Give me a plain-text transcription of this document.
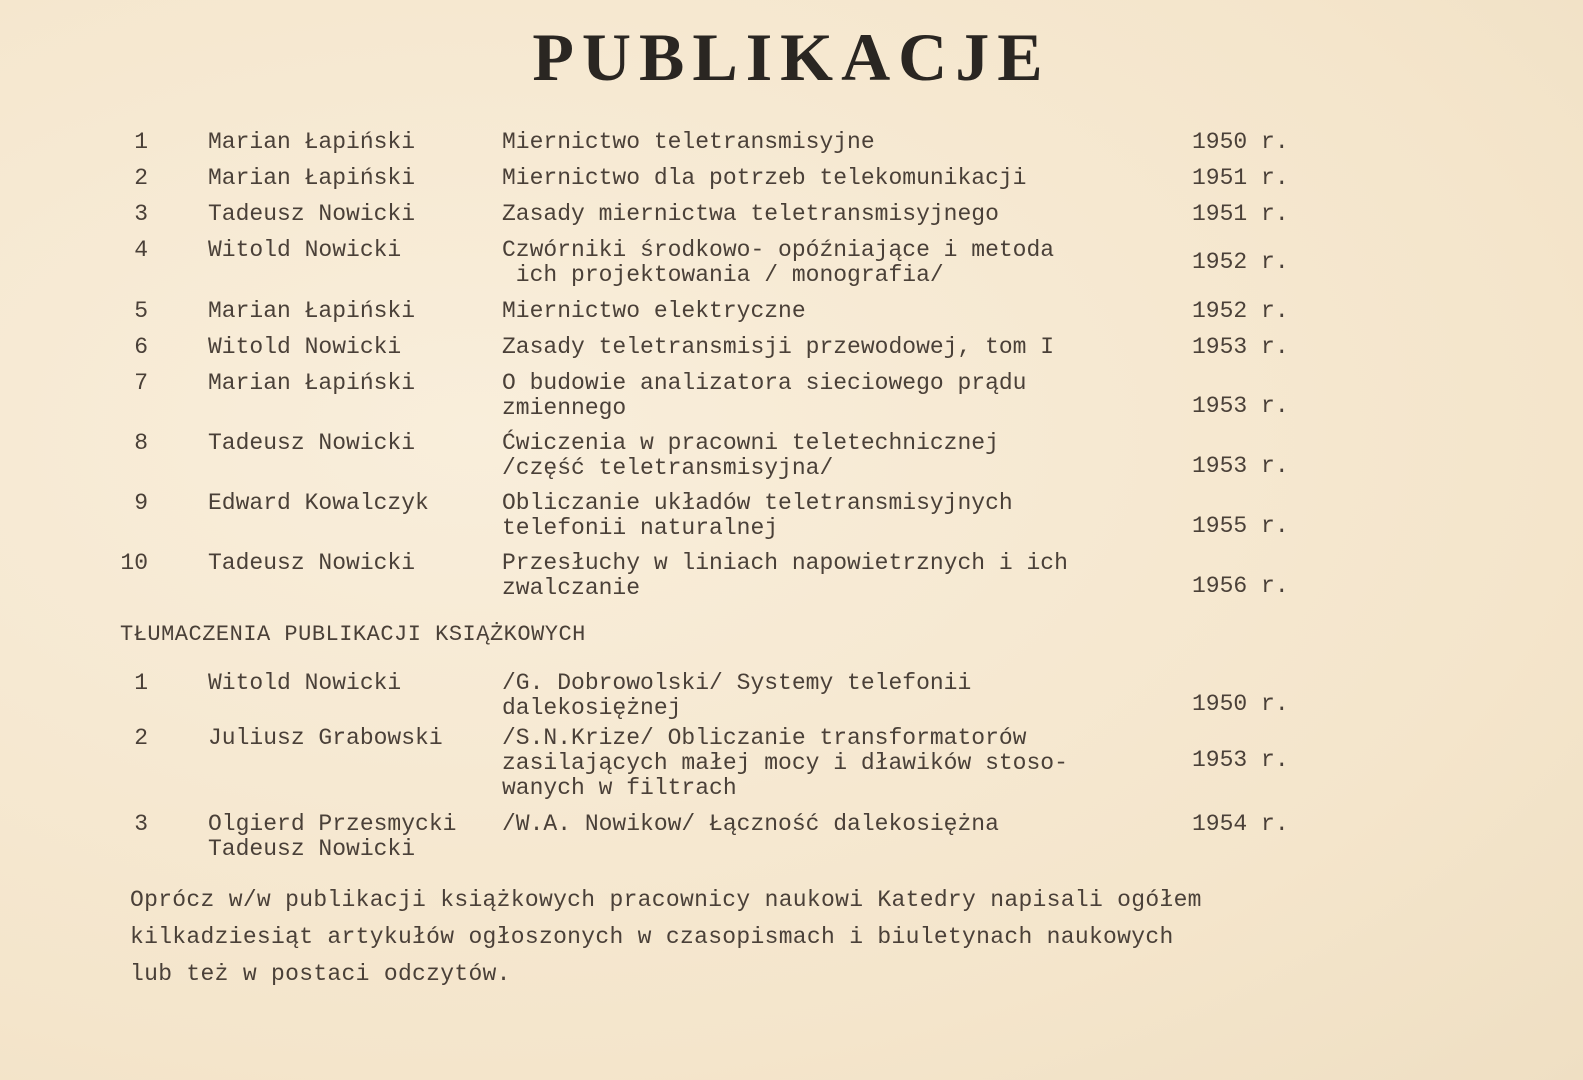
PUBLIKACJE
1	Marian Łapiński	Miernictwo teletransmisyjne	1950 r.
2	Marian Łapiński	Miernictwo dla potrzeb telekomunikacji	1951 r.
3	Tadeusz Nowicki	Zasady miernictwa teletransmisyjnego	1951 r.
4	Witold Nowicki	Czwórniki środkowo- opóźniające i metoda
ich projektowania / monografia/	1952 r.
5	Marian Łapiński	Miernictwo elektryczne	1952 r.
6	Witold Nowicki	Zasady teletransmisji przewodowej, tom I	1953 r.
7	Marian Łapiński	O budowie analizatora sieciowego prądu
zmiennego	1953 r.
8	Tadeusz Nowicki	Ćwiczenia w pracowni teletechnicznej
/część teletransmisyjna/	1953 r.
9	Edward Kowalczyk	Obliczanie układów teletransmisyjnych
telefonii naturalnej	1955 r.
10	Tadeusz Nowicki	Przesłuchy w liniach napowietrznych i ich
zwalczanie	1956 r.
TŁUMACZENIA PUBLIKACJI KSIĄŻKOWYCH
1	Witold Nowicki	/G. Dobrowolski/ Systemy telefonii
dalekosiężnej	1950 r.
2	Juliusz Grabowski	/S.N.Krize/ Obliczanie transformatorów
zasilających małej mocy i dławików stoso-
wanych w filtrach
1953 r.
3	Olgierd Przesmycki
Tadeusz Nowicki
/W.A. Nowikow/ Łączność dalekosiężna	1954 r.

Oprócz w/w publikacji książkowych pracownicy naukowi Katedry napisali ogółem

kilkadziesiąt artykułów ogłoszonych w czasopismach i biuletynach naukowych

lub też w postaci odczytów.
